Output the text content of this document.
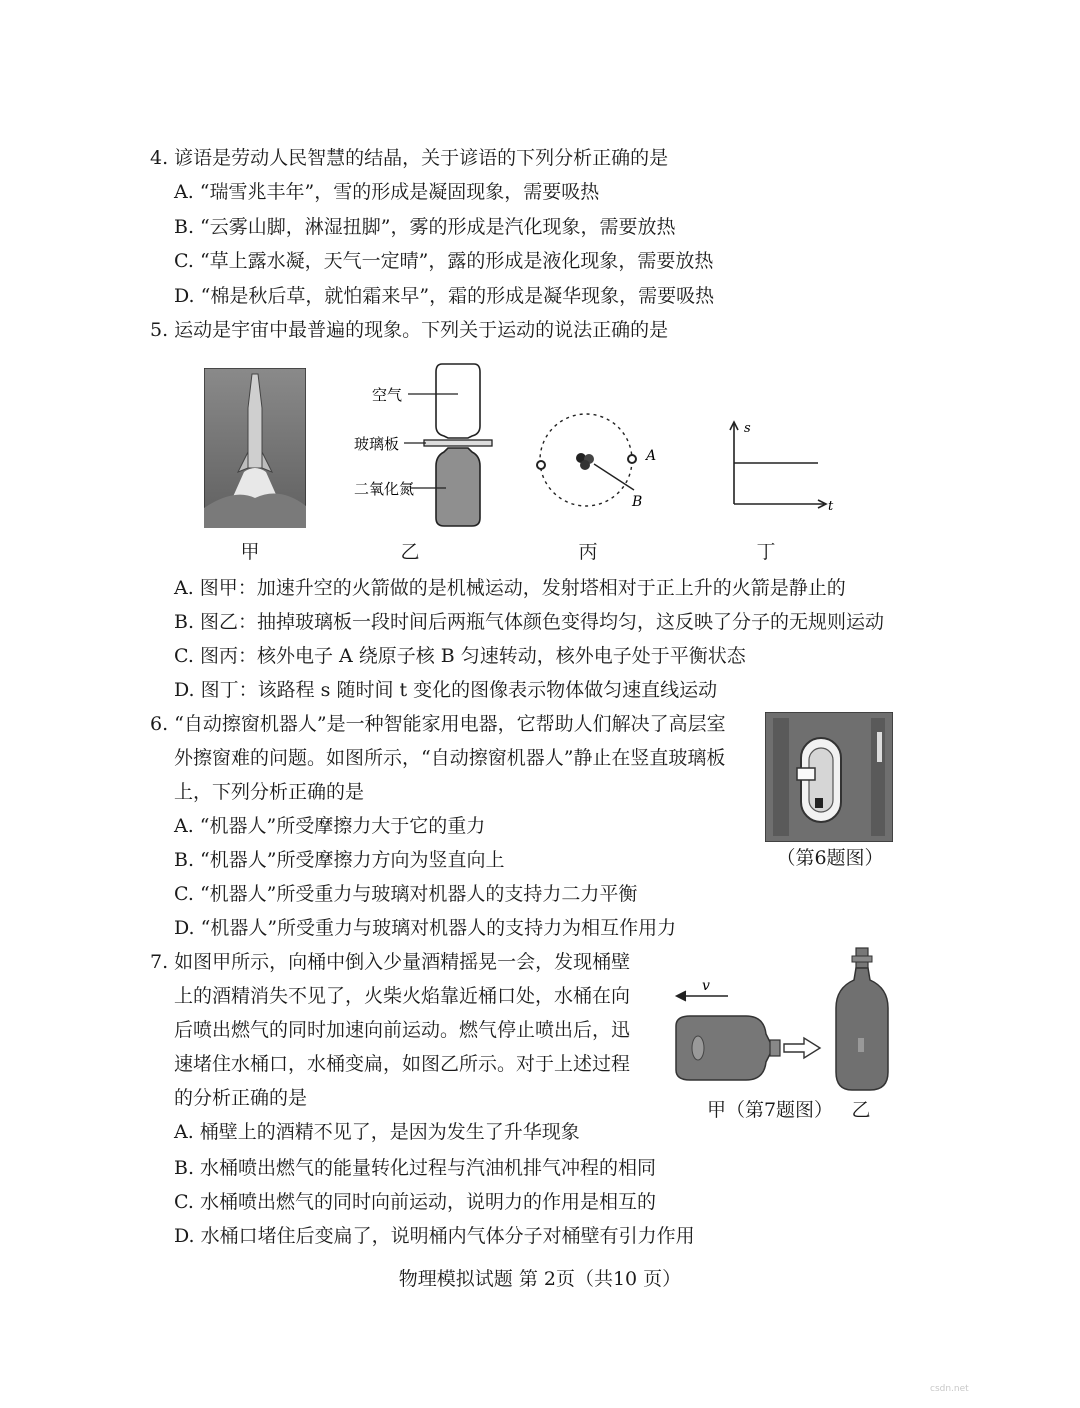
4. 谚语是劳动人民智慧的结晶，关于谚语的下列分析正确的是
A. “瑞雪兆丰年”，雪的形成是凝固现象，需要吸热
B. “云雾山脚，淋湿扭脚”，雾的形成是汽化现象，需要放热
C. “草上露水凝，天气一定晴”，露的形成是液化现象，需要放热
D. “棉是秋后草，就怕霜来早”，霜的形成是凝华现象，需要吸热
5. 运动是宇宙中最普遍的现象。下列关于运动的说法正确的是
甲
空气
玻璃板
二氧化氮
乙
A
B
丙
s
t
丁
A. 图甲：加速升空的火箭做的是机械运动，发射塔相对于正上升的火箭是静止的
B. 图乙：抽掉玻璃板一段时间后两瓶气体颜色变得均匀，这反映了分子的无规则运动
C. 图丙：核外电子 A 绕原子核 B 匀速转动，核外电子处于平衡状态
D. 图丁：该路程 s 随时间 t 变化的图像表示物体做匀速直线运动
6. “自动擦窗机器人”是一种智能家用电器，它帮助人们解决了高层室
外擦窗难的问题。如图所示，“自动擦窗机器人”静止在竖直玻璃板
上，下列分析正确的是
A. “机器人”所受摩擦力大于它的重力
B. “机器人”所受摩擦力方向为竖直向上
C. “机器人”所受重力与玻璃对机器人的支持力二力平衡
D. “机器人”所受重力与玻璃对机器人的支持力为相互作用力
（第6题图）
7. 如图甲所示，向桶中倒入少量酒精摇晃一会，发现桶壁
上的酒精消失不见了，火柴火焰靠近桶口处，水桶在向
后喷出燃气的同时加速向前运动。燃气停止喷出后，迅
速堵住水桶口，水桶变扁，如图乙所示。对于上述过程
的分析正确的是
A. 桶壁上的酒精不见了，是因为发生了升华现象
B. 水桶喷出燃气的能量转化过程与汽油机排气冲程的相同
C. 水桶喷出燃气的同时向前运动，说明力的作用是相互的
D. 水桶口堵住后变扁了，说明桶内气体分子对桶壁有引力作用
v
甲（第7题图） 乙
物理模拟试题 第 2页（共10 页）
csdn.net
